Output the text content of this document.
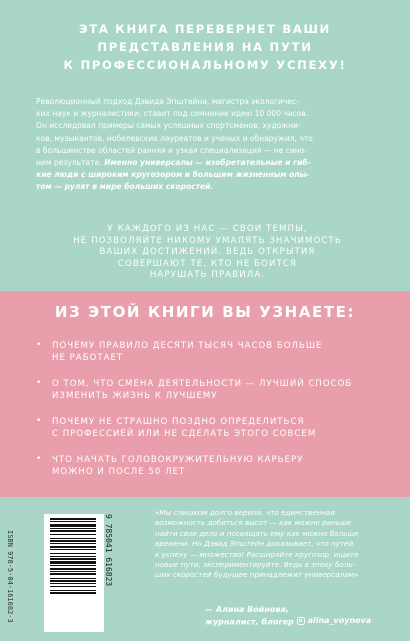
ЭТА КНИГА ПЕРЕВЕРНЕТ ВАШИ
ПРЕДСТАВЛЕНИЯ НА ПУТИ
К ПРОФЕССИОНАЛЬНОМУ УСПЕХУ!
Революционный подход Дэвида Эпштейна, магистра экологичес-
ких наук и журналистики, ставит под сомнение идею 10 000 часов.
Он исследовал примеры самых успешных спортсменов, художни-
ков, музыкантов, нобелевских лауреатов и ученых и обнаружил, что
в большинстве областей ранняя и узкая специализация — не сино-
ним результата. Именно универсалы — изобретательные и гиб-
кие люди с широким кругозором и большим жизненным опы-
том — рулят в мире больших скоростей.
У КАЖДОГО ИЗ НАС — СВОИ ТЕМПЫ,
НЕ ПОЗВОЛЯЙТЕ НИКОМУ УМАЛЯТЬ ЗНАЧИМОСТЬ
ВАШИХ ДОСТИЖЕНИЙ. ВЕДЬ ОТКРЫТИЯ
СОВЕРШАЮТ ТЕ, КТО НЕ БОИТСЯ
НАРУШАТЬ ПРАВИЛА.
ИЗ ЭТОЙ КНИГИ ВЫ УЗНАЕТЕ:
• ПОЧЕМУ ПРАВИЛО ДЕСЯТИ ТЫСЯЧ ЧАСОВ БОЛЬШЕ
НЕ РАБОТАЕТ
• О ТОМ, ЧТО СМЕНА ДЕЯТЕЛЬНОСТИ — ЛУЧШИЙ СПОСОБ
ИЗМЕНИТЬ ЖИЗНЬ К ЛУЧШЕМУ
• ПОЧЕМУ НЕ СТРАШНО ПОЗДНО ОПРЕДЕЛИТЬСЯ
С ПРОФЕССИЕЙ ИЛИ НЕ СДЕЛАТЬ ЭТОГО СОВСЕМ
• ЧТО НАЧАТЬ ГОЛОВОКРУЖИТЕЛЬНУЮ КАРЬЕРУ
МОЖНО И ПОСЛЕ 50 ЛЕТ
ISBN 978-5-04-161682-3	9 785041 616823
«Мы слишком долго верили, что единственная
возможность добиться высот — как можно раньше
найти свое дело и посвящать ему как можно больше
времени. Но Дэвид Эпштейн доказывает, что путей
к успеху — множество! Расширяйте кругозор, ищите
новые пути, экспериментируйте. Ведь в эпоху боль-
ших скоростей будущее принадлежит универсалам»
— Алина Войнова,
журналист, блогер alina_voynova
